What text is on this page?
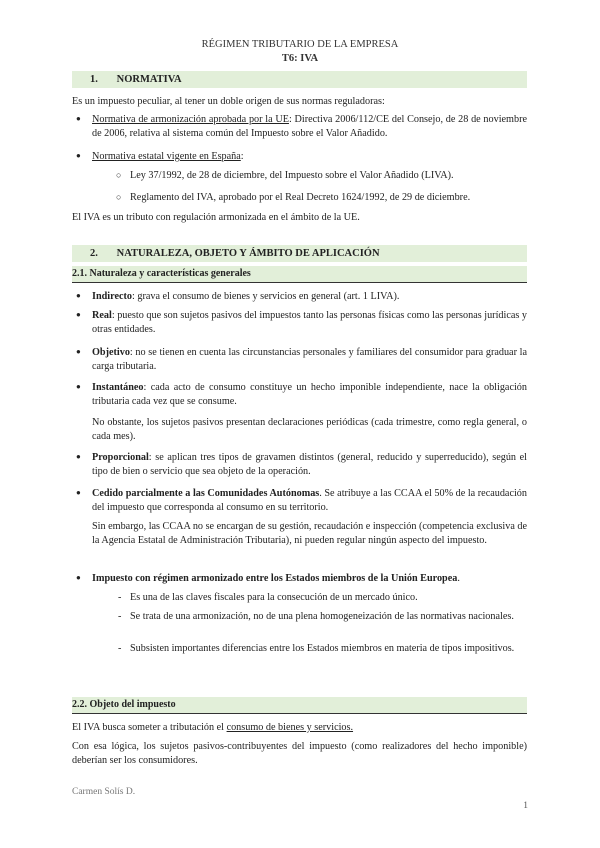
RÉGIMEN TRIBUTARIO DE LA EMPRESA
T6: IVA
1. NORMATIVA
Es un impuesto peculiar, al tener un doble origen de sus normas reguladoras:
● Normativa de armonización aprobada por la UE: Directiva 2006/112/CE del Consejo, de 28 de noviembre de 2006, relativa al sistema común del Impuesto sobre el Valor Añadido.
● Normativa estatal vigente en España:
○ Ley 37/1992, de 28 de diciembre, del Impuesto sobre el Valor Añadido (LIVA).
○ Reglamento del IVA, aprobado por el Real Decreto 1624/1992, de 29 de diciembre.
El IVA es un tributo con regulación armonizada en el ámbito de la UE.
2. NATURALEZA, OBJETO Y ÁMBITO DE APLICACIÓN
2.1. Naturaleza y características generales
● Indirecto: grava el consumo de bienes y servicios en general (art. 1 LIVA).
● Real: puesto que son sujetos pasivos del impuestos tanto las personas físicas como las personas jurídicas y otras entidades.
● Objetivo: no se tienen en cuenta las circunstancias personales y familiares del consumidor para graduar la carga tributaria.
● Instantáneo: cada acto de consumo constituye un hecho imponible independiente, nace la obligación tributaria cada vez que se consume.
No obstante, los sujetos pasivos presentan declaraciones periódicas (cada trimestre, como regla general, o cada mes).
● Proporcional: se aplican tres tipos de gravamen distintos (general, reducido y superreducido), según el tipo de bien o servicio que sea objeto de la operación.
● Cedido parcialmente a las Comunidades Autónomas. Se atribuye a las CCAA el 50% de la recaudación del impuesto que corresponda al consumo en su territorio.
Sin embargo, las CCAA no se encargan de su gestión, recaudación e inspección (competencia exclusiva de la Agencia Estatal de Administración Tributaria), ni pueden regular ningún aspecto del impuesto.
● Impuesto con régimen armonizado entre los Estados miembros de la Unión Europea.
- Es una de las claves fiscales para la consecución de un mercado único.
- Se trata de una armonización, no de una plena homogeneización de las normativas nacionales.
- Subsisten importantes diferencias entre los Estados miembros en materia de tipos impositivos.
2.2. Objeto del impuesto
El IVA busca someter a tributación el consumo de bienes y servicios.
Con esa lógica, los sujetos pasivos-contribuyentes del impuesto (como realizadores del hecho imponible) deberían ser los consumidores.
Carmen Solís D.
1
